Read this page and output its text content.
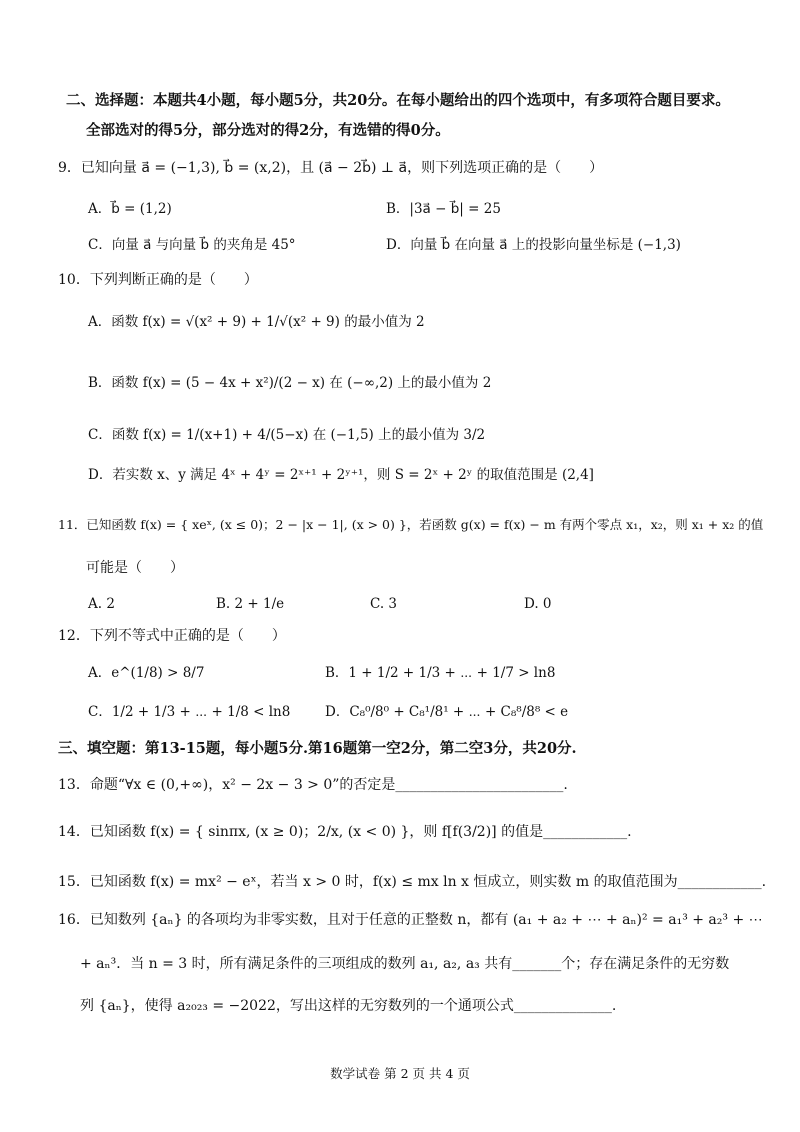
二、选择题：本题共4小题，每小题5分，共20分。在每小题给出的四个选项中，有多项符合题目要求。
全部选对的得5分，部分选对的得2分，有选错的得0分。
9．已知向量 a⃗ = (−1,3), b⃗ = (x,2)，且 (a⃗ − 2b⃗) ⊥ a⃗，则下列选项正确的是（　　）
A．b⃗ = (1,2)	B．|3a⃗ − b⃗| = 25
C．向量 a⃗ 与向量 b⃗ 的夹角是 45°	D．向量 b⃗ 在向量 a⃗ 上的投影向量坐标是 (−1,3)
10．下列判断正确的是（　　）
A．函数 f(x) = √(x² + 9) + 1/√(x² + 9) 的最小值为 2
B．函数 f(x) = (5 − 4x + x²)/(2 − x) 在 (−∞,2) 上的最小值为 2
C．函数 f(x) = 1/(x+1) + 4/(5−x) 在 (−1,5) 上的最小值为 3/2
D．若实数 x、y 满足 4ˣ + 4ʸ = 2ˣ⁺¹ + 2ʸ⁺¹，则 S = 2ˣ + 2ʸ 的取值范围是 (2,4]
11．已知函数 f(x) = { xeˣ, (x ≤ 0)；2 − |x − 1|, (x > 0) }，若函数 g(x) = f(x) − m 有两个零点 x₁，x₂，则 x₁ + x₂ 的值
可能是（　　）
A. 2	B. 2 + 1/e	C. 3	D. 0
12．下列不等式中正确的是（　　）
A．e^(1/8) > 8/7	B．1 + 1/2 + 1/3 + ⋯ + 1/7 > ln8
C．1/2 + 1/3 + ⋯ + 1/8 < ln8	D．C₈⁰/8⁰ + C₈¹/8¹ + ⋯ + C₈⁸/8⁸ < e
三、填空题：第13-15题，每小题5分.第16题第一空2分，第二空3分，共20分.
13．命题“∀x ∈ (0,+∞)，x² − 2x − 3 > 0”的否定是________________________.
14．已知函数 f(x) = { sinπx, (x ≥ 0)；2/x, (x < 0) }，则 f[f(3/2)] 的值是____________.
15．已知函数 f(x) = mx² − eˣ，若当 x > 0 时，f(x) ≤ mx ln x 恒成立，则实数 m 的取值范围为____________.
16．已知数列 {aₙ} 的各项均为非零实数，且对于任意的正整数 n，都有 (a₁ + a₂ + ⋯ + aₙ)² = a₁³ + a₂³ + ⋯
+ aₙ³．当 n = 3 时，所有满足条件的三项组成的数列 a₁, a₂, a₃ 共有_______个；存在满足条件的无穷数
列 {aₙ}，使得 a₂₀₂₃ = −2022，写出这样的无穷数列的一个通项公式______________.
数学试卷 第 2 页 共 4 页
